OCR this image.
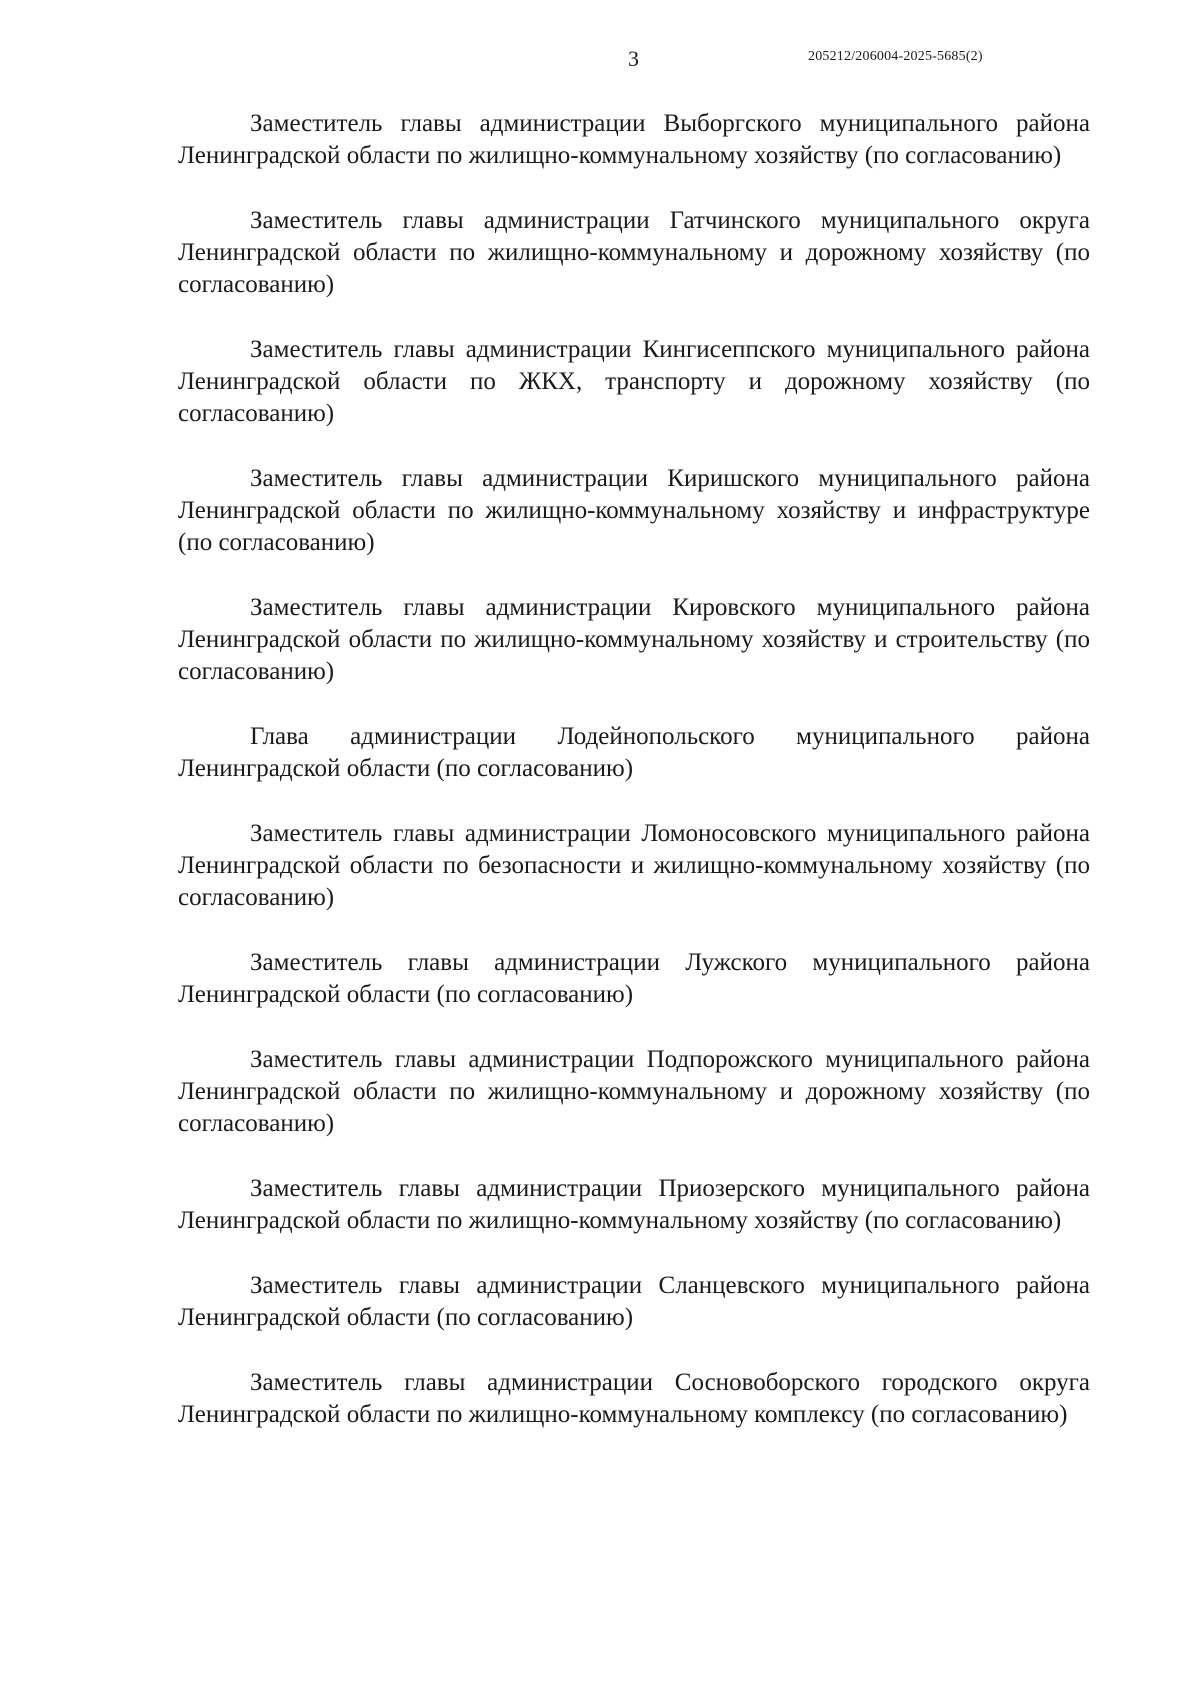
3	205212/206004-2025-5685(2)

Заместитель главы администрации Выборгского муниципального района Ленинградской области по жилищно-коммунальному хозяйству (по согласованию)

Заместитель главы администрации Гатчинского муниципального округа Ленинградской области по жилищно-коммунальному и дорожному хозяйству (по согласованию)

Заместитель главы администрации Кингисеппского муниципального района Ленинградской области по ЖКХ, транспорту и дорожному хозяйству (по согласованию)

Заместитель главы администрации Киришского муниципального района Ленинградской области по жилищно-коммунальному хозяйству и инфраструктуре (по согласованию)

Заместитель главы администрации Кировского муниципального района Ленинградской области по жилищно-коммунальному хозяйству и строительству (по согласованию)

Глава администрации Лодейнопольского муниципального района Ленинградской области (по согласованию)

Заместитель главы администрации Ломоносовского муниципального района Ленинградской области по безопасности и жилищно-коммунальному хозяйству (по согласованию)

Заместитель главы администрации Лужского муниципального района Ленинградской области (по согласованию)

Заместитель главы администрации Подпорожского муниципального района Ленинградской области по жилищно-коммунальному и дорожному хозяйству (по согласованию)

Заместитель главы администрации Приозерского муниципального района Ленинградской области по жилищно-коммунальному хозяйству (по согласованию)

Заместитель главы администрации Сланцевского муниципального района Ленинградской области (по согласованию)

Заместитель главы администрации Сосновоборского городского округа Ленинградской области по жилищно-коммунальному комплексу (по согласованию)
